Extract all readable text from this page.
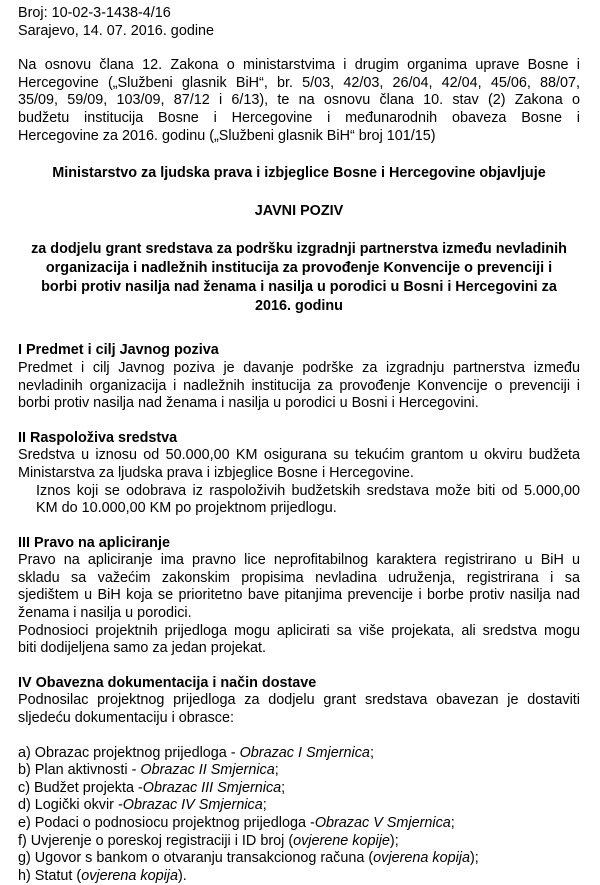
Broj: 10-02-3-1438-4/16
Sarajevo, 14. 07. 2016. godine
Na osnovu člana 12. Zakona o ministarstvima i drugim organima uprave Bosne i
Hercegovine („Službeni glasnik BiH“, br. 5/03, 42/03, 26/04, 42/04, 45/06, 88/07,
35/09, 59/09, 103/09, 87/12 i 6/13), te na osnovu člana 10. stav (2) Zakona o
budžetu institucija Bosne i Hercegovine i međunarodnih obaveza Bosne i
Hercegovine za 2016. godinu („Službeni glasnik BiH“ broj 101/15)
Ministarstvo za ljudska prava i izbjeglice Bosne i Hercegovine objavljuje
JAVNI POZIV
za dodjelu grant sredstava za podršku izgradnji partnerstva između nevladinih
organizacija i nadležnih institucija za provođenje Konvencije o prevenciji i
borbi protiv nasilja nad ženama i nasilja u porodici u Bosni i Hercegovini za
2016. godinu
I Predmet i cilj Javnog poziva
Predmet i cilj Javnog poziva je davanje podrške za izgradnju partnerstva između
nevladinih organizacija i nadležnih institucija za provođenje Konvencije o prevenciji i
borbi protiv nasilja nad ženama i nasilja u porodici u Bosni i Hercegovini.
II Raspoloživa sredstva
Sredstva u iznosu od 50.000,00 KM osigurana su tekućim grantom u okviru budžeta
Ministarstva za ljudska prava i izbjeglice Bosne i Hercegovine.
Iznos koji se odobrava iz raspoloživih budžetskih sredstava može biti od 5.000,00
KM do 10.000,00 KM po projektnom prijedlogu.
III Pravo na apliciranje
Pravo na apliciranje ima pravno lice neprofitabilnog karaktera registrirano u BiH u
skladu sa važećim zakonskim propisima nevladina udruženja, registrirana i sa
sjedištem u BiH koja se prioritetno bave pitanjima prevencije i borbe protiv nasilja nad
ženama i nasilja u porodici.
Podnosioci projektnih prijedloga mogu aplicirati sa više projekata, ali sredstva mogu
biti dodijeljena samo za jedan projekat.
IV Obavezna dokumentacija i način dostave
Podnosilac projektnog prijedloga za dodjelu grant sredstava obavezan je dostaviti
sljedeću dokumentaciju i obrasce:
a) Obrazac projektnog prijedloga - Obrazac I Smjernica;
b) Plan aktivnosti - Obrazac II Smjernica;
c) Budžet projekta -Obrazac III Smjernica;
d) Logički okvir -Obrazac IV Smjernica;
e) Podaci o podnosiocu projektnog prijedloga -Obrazac V Smjernica;
f) Uvjerenje o poreskoj registraciji i ID broj (ovjerene kopije);
g) Ugovor s bankom o otvaranju transakcionog računa (ovjerena kopija);
h) Statut (ovjerena kopija).
